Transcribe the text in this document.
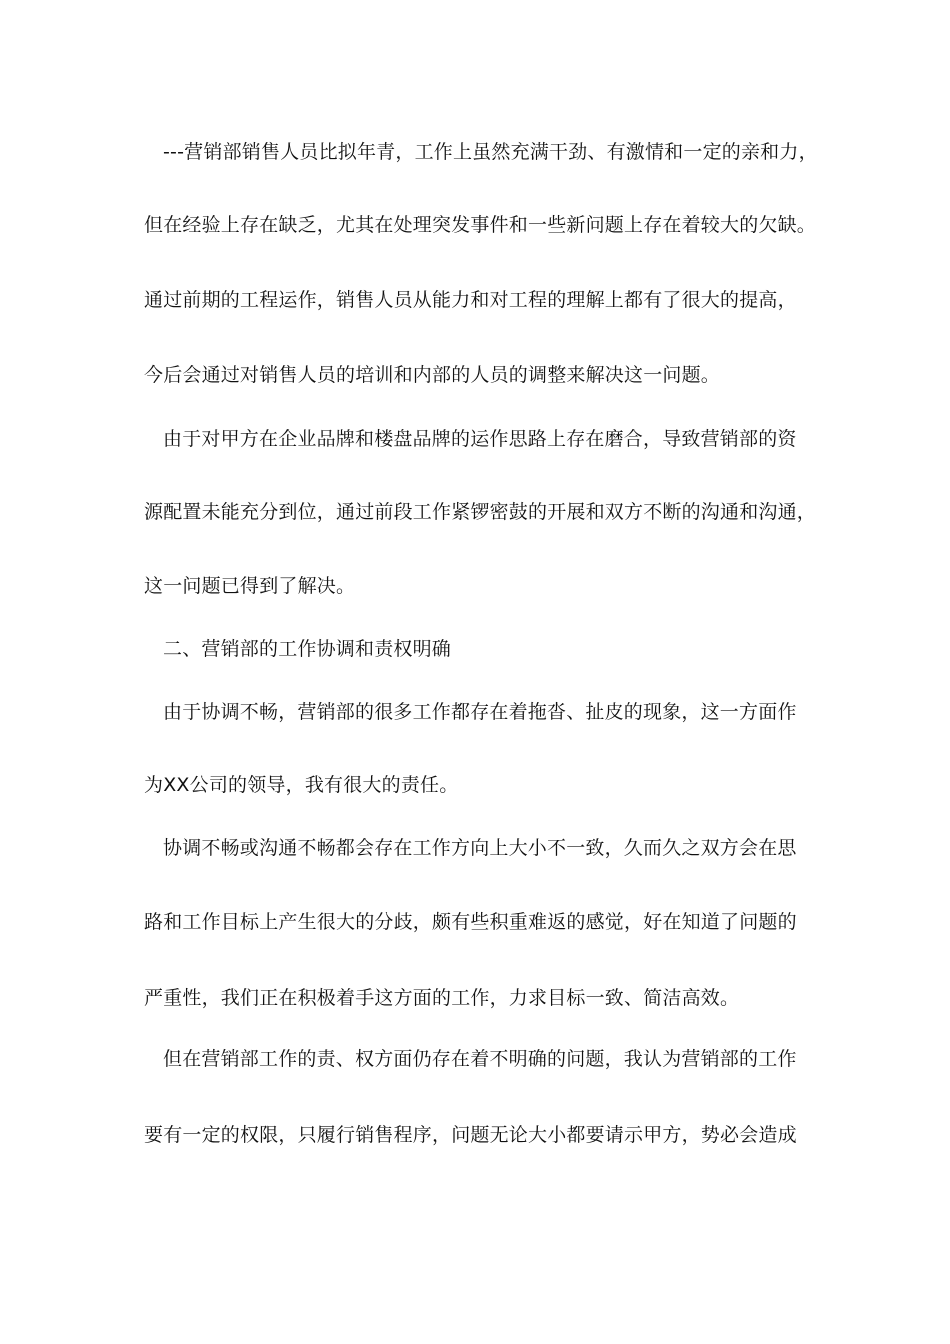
---营销部销售人员比拟年青，工作上虽然充满干劲、有激情和一定的亲和力，
但在经验上存在缺乏，尤其在处理突发事件和一些新问题上存在着较大的欠缺。
通过前期的工程运作，销售人员从能力和对工程的理解上都有了很大的提高，
今后会通过对销售人员的培训和内部的人员的调整来解决这一问题。
由于对甲方在企业品牌和楼盘品牌的运作思路上存在磨合，导致营销部的资
源配置未能充分到位，通过前段工作紧锣密鼓的开展和双方不断的沟通和沟通，
这一问题已得到了解决。
二、营销部的工作协调和责权明确
由于协调不畅，营销部的很多工作都存在着拖沓、扯皮的现象，这一方面作
为XX公司的领导，我有很大的责任。
协调不畅或沟通不畅都会存在工作方向上大小不一致，久而久之双方会在思
路和工作目标上产生很大的分歧，颇有些积重难返的感觉，好在知道了问题的
严重性，我们正在积极着手这方面的工作，力求目标一致、简洁高效。
但在营销部工作的责、权方面仍存在着不明确的问题，我认为营销部的工作
要有一定的权限，只履行销售程序，问题无论大小都要请示甲方，势必会造成
